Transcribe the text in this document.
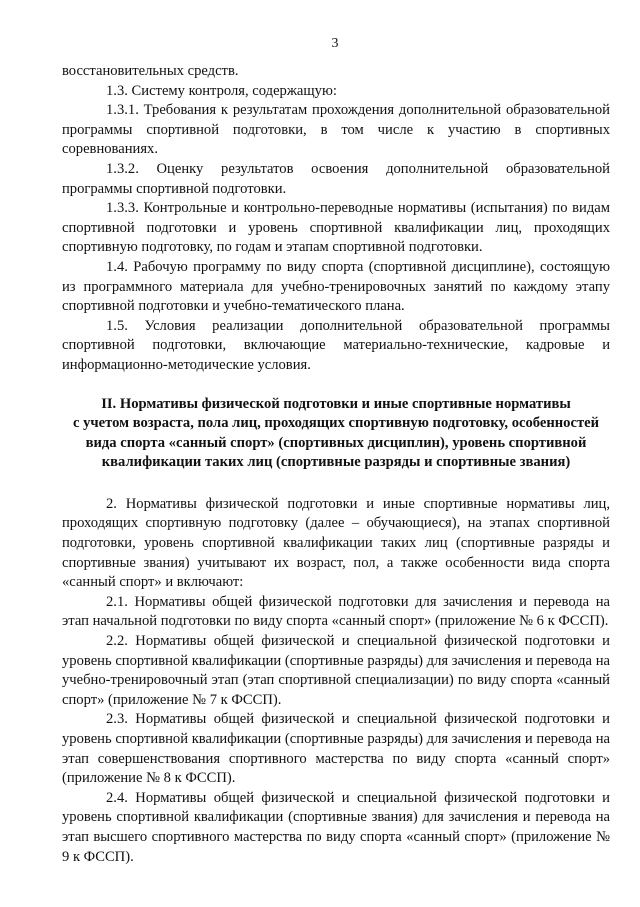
3

восстановительных средств.

1.3. Систему контроля, содержащую:

1.3.1. Требования к результатам прохождения дополнительной образовательной программы спортивной подготовки, в том числе к участию в спортивных соревнованиях.

1.3.2. Оценку результатов освоения дополнительной образовательной программы спортивной подготовки.

1.3.3. Контрольные и контрольно-переводные нормативы (испытания) по видам спортивной подготовки и уровень спортивной квалификации лиц, проходящих спортивную подготовку, по годам и этапам спортивной подготовки.

1.4. Рабочую программу по виду спорта (спортивной дисциплине), состоящую из программного материала для учебно-тренировочных занятий по каждому этапу спортивной подготовки и учебно-тематического плана.

1.5. Условия реализации дополнительной образовательной программы спортивной подготовки, включающие материально-технические, кадровые и информационно-методические условия.

II. Нормативы физической подготовки и иные спортивные нормативы
с учетом возраста, пола лиц, проходящих спортивную подготовку, особенностей
вида спорта «санный спорт» (спортивных дисциплин), уровень спортивной
квалификации таких лиц (спортивные разряды и спортивные звания)

2. Нормативы физической подготовки и иные спортивные нормативы лиц, проходящих спортивную подготовку (далее – обучающиеся), на этапах спортивной подготовки, уровень спортивной квалификации таких лиц (спортивные разряды и спортивные звания) учитывают их возраст, пол, а также особенности вида спорта «санный спорт» и включают:

2.1. Нормативы общей физической подготовки для зачисления и перевода на этап начальной подготовки по виду спорта «санный спорт» (приложение № 6 к ФССП).

2.2. Нормативы общей физической и специальной физической подготовки и уровень спортивной квалификации (спортивные разряды) для зачисления и перевода на учебно-тренировочный этап (этап спортивной специализации) по виду спорта «санный спорт» (приложение № 7 к ФССП).

2.3. Нормативы общей физической и специальной физической подготовки и уровень спортивной квалификации (спортивные разряды) для зачисления и перевода на этап совершенствования спортивного мастерства по виду спорта «санный спорт» (приложение № 8 к ФССП).

2.4. Нормативы общей физической и специальной физической подготовки и уровень спортивной квалификации (спортивные звания) для зачисления и перевода на этап высшего спортивного мастерства по виду спорта «санный спорт» (приложение № 9 к ФССП).
